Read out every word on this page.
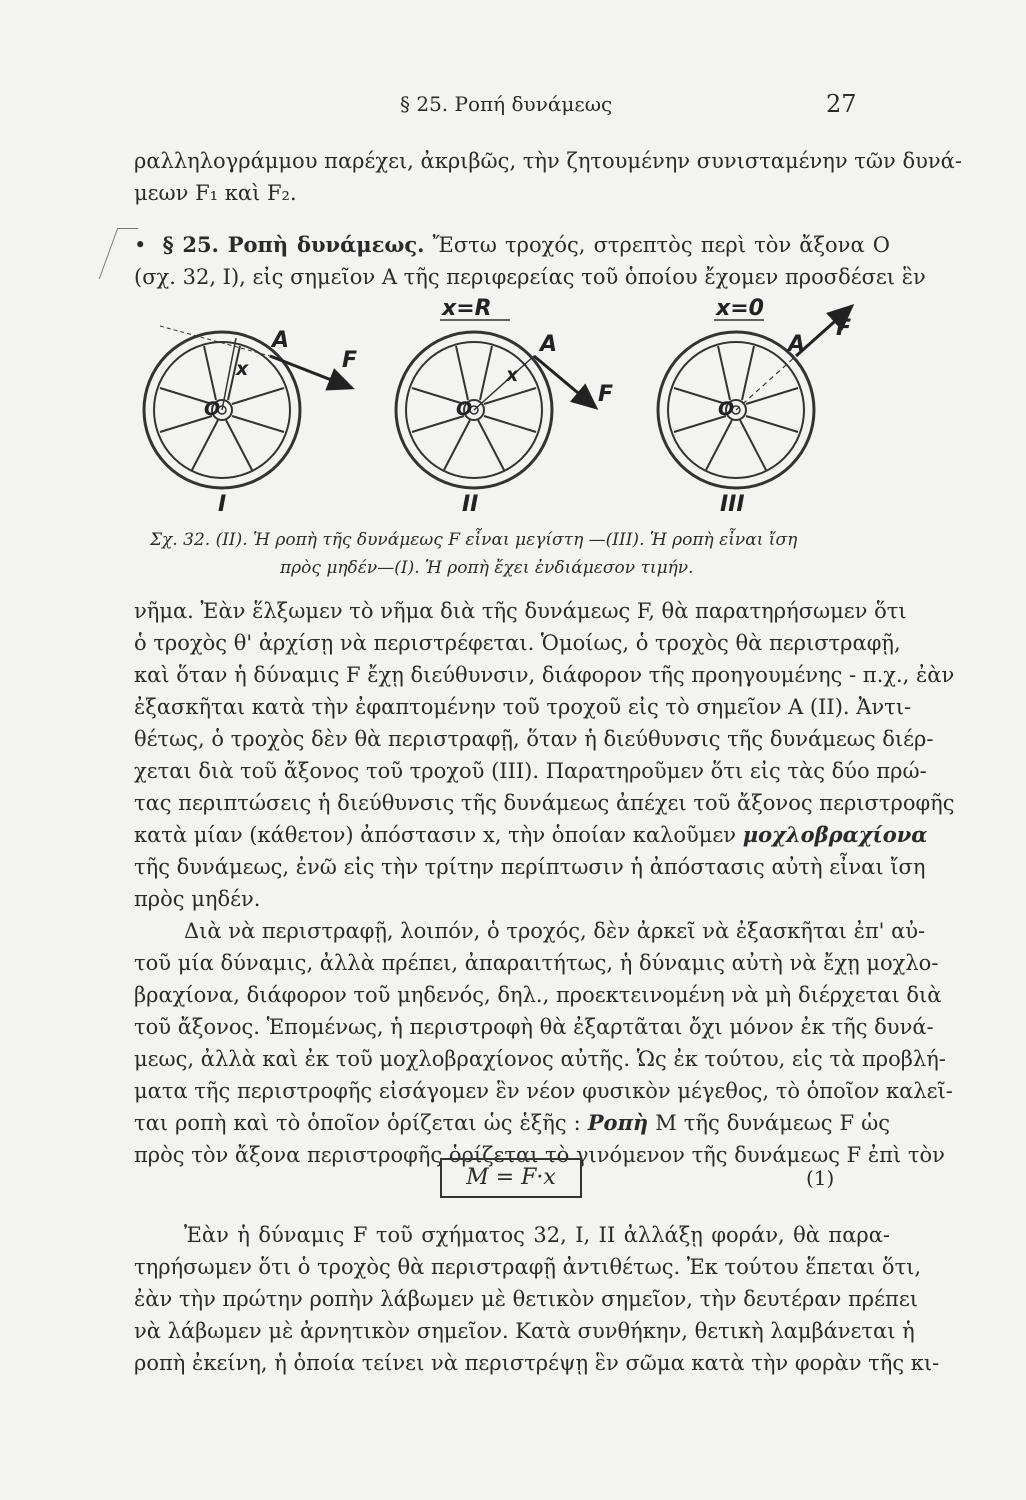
§ 25. Ροπή δυνάμεως	27
ραλληλογράμμου παρέχει, ἀκριβῶς, τὴν ζητουμένην συνισταμένην τῶν δυνά-
μεων F₁ καὶ F₂.
• § 25. Ροπὴ δυνάμεως. Ἔστω τροχός, στρεπτὸς περὶ τὸν ἄξονα O
(σχ. 32, I), εἰς σημεῖον A τῆς περιφερείας τοῦ ὁποίου ἔχομεν προσδέσει ἓν
A
x	F
O
I
x=R
A
x
F
O
II
x=0
A
F
O
III
Σχ. 32. (II). Ἡ ροπὴ τῆς δυνάμεως F εἶναι μεγίστη —(III). Ἡ ροπὴ εἶναι ἴση
πρὸς μηδέν—(I). Ἡ ροπὴ ἔχει ἐνδιάμεσον τιμήν.
νῆμα. Ἐὰν ἕλξωμεν τὸ νῆμα διὰ τῆς δυνάμεως F, θὰ παρατηρήσωμεν ὅτι
ὁ τροχὸς θ' ἀρχίσῃ νὰ περιστρέφεται. Ὁμοίως, ὁ τροχὸς θὰ περιστραφῇ,
καὶ ὅταν ἡ δύναμις F ἔχῃ διεύθυνσιν, διάφορον τῆς προηγουμένης - π.χ., ἐὰν
ἐξασκῆται κατὰ τὴν ἐφαπτομένην τοῦ τροχοῦ εἰς τὸ σημεῖον A (II). Ἀντι-
θέτως, ὁ τροχὸς δὲν θὰ περιστραφῇ, ὅταν ἡ διεύθυνσις τῆς δυνάμεως διέρ-
χεται διὰ τοῦ ἄξονος τοῦ τροχοῦ (III). Παρατηροῦμεν ὅτι εἰς τὰς δύο πρώ-
τας περιπτώσεις ἡ διεύθυνσις τῆς δυνάμεως ἀπέχει τοῦ ἄξονος περιστροφῆς
κατὰ μίαν (κάθετον) ἀπόστασιν x, τὴν ὁποίαν καλοῦμεν μοχλοβραχίονα
τῆς δυνάμεως, ἐνῶ εἰς τὴν τρίτην περίπτωσιν ἡ ἀπόστασις αὐτὴ εἶναι ἴση
πρὸς μηδέν.
Διὰ νὰ περιστραφῇ, λοιπόν, ὁ τροχός, δὲν ἀρκεῖ νὰ ἐξασκῆται ἐπ' αὐ-
τοῦ μία δύναμις, ἀλλὰ πρέπει, ἀπαραιτήτως, ἡ δύναμις αὐτὴ νὰ ἔχῃ μοχλο-
βραχίονα, διάφορον τοῦ μηδενός, δηλ., προεκτεινομένη νὰ μὴ διέρχεται διὰ
τοῦ ἄξονος. Ἑπομένως, ἡ περιστροφὴ θὰ ἐξαρτᾶται ὄχι μόνον ἐκ τῆς δυνά-
μεως, ἀλλὰ καὶ ἐκ τοῦ μοχλοβραχίονος αὐτῆς. Ὡς ἐκ τούτου, εἰς τὰ προβλή-
ματα τῆς περιστροφῆς εἰσάγομεν ἓν νέον φυσικὸν μέγεθος, τὸ ὁποῖον καλεῖ-
ται ροπὴ καὶ τὸ ὁποῖον ὁρίζεται ὡς ἑξῆς : Ροπὴ M τῆς δυνάμεως F ὡς
πρὸς τὸν ἄξονα περιστροφῆς ὁρίζεται τὸ γινόμενον τῆς δυνάμεως F ἐπὶ τὸν
M = F·x	(1)
Ἐὰν ἡ δύναμις F τοῦ σχήματος 32, I, II ἀλλάξῃ φοράν, θὰ παρα-
τηρήσωμεν ὅτι ὁ τροχὸς θὰ περιστραφῇ ἀντιθέτως. Ἐκ τούτου ἕπεται ὅτι,
ἐὰν τὴν πρώτην ροπὴν λάβωμεν μὲ θετικὸν σημεῖον, τὴν δευτέραν πρέπει
νὰ λάβωμεν μὲ ἀρνητικὸν σημεῖον. Κατὰ συνθήκην, θετικὴ λαμβάνεται ἡ
ροπὴ ἐκείνη, ἡ ὁποία τείνει νὰ περιστρέψῃ ἓν σῶμα κατὰ τὴν φορὰν τῆς κι-
